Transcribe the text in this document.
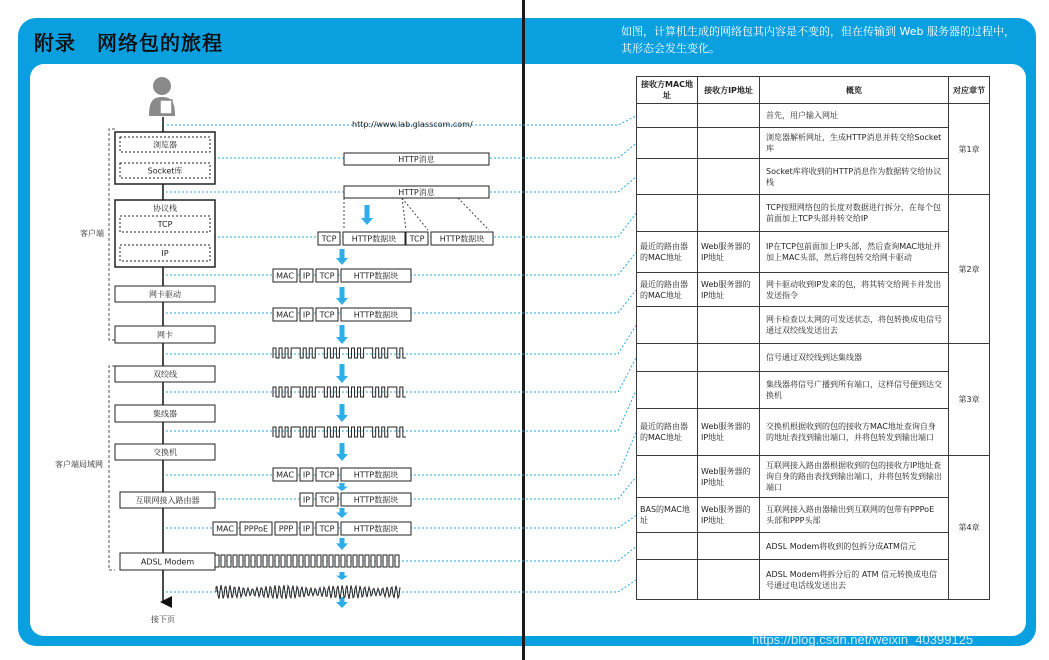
附录　网络包的旅程	如图，计算机生成的网络包其内容是不变的，但在传输到 Web 服务器的过程中，其形态会发生变化。
客户端
客户端局域网
浏览器
Socket库
协议栈
TCP
IP
网卡驱动
网卡
双绞线
集线器
交换机
互联网接入路由器
ADSL Modem
HTTP消息
HTTP消息
TCP HTTP数据块 TCP HTTP数据块
MAC IP TCP HTTP数据块
MAC IP TCP HTTP数据块
MAC IP TCP HTTP数据块
IP TCP HTTP数据块
MAC PPPoE PPP IP TCP HTTP数据块
http://www.lab.glasscom.com/
接下页
接收方MAC地址	接收方IP地址	概览	对应章节
		首先，用户输入网址	第1章
		浏览器解析网址，生成HTTP消息并转交给Socket库	
		Socket库将收到的HTTP消息作为数据转交给协议栈	
		TCP按照网络包的长度对数据进行拆分，在每个包前面加上TCP头部并转交给IP	第2章
最近的路由器的MAC地址	Web服务器的IP地址	IP在TCP包前面加上IP头部，然后查询MAC地址并加上MAC头部，然后将包转交给网卡驱动	
最近的路由器的MAC地址	Web服务器的IP地址	网卡驱动收到IP发来的包，将其转交给网卡并发出发送指令	
		网卡检查以太网的可发送状态，将包转换成电信号通过双绞线发送出去	
		信号通过双绞线到达集线器	第3章
		集线器将信号广播到所有端口，这样信号便到达交换机	
最近的路由器的MAC地址	Web服务器的IP地址	交换机根据收到的包的接收方MAC地址查询自身的地址表找到输出端口，并将包转发到输出端口	
	Web服务器的IP地址	互联网接入路由器根据收到的包的接收方IP地址查询自身的路由表找到输出端口，并将包转发到输出端口	第4章
BAS的MAC地址	Web服务器的IP地址	互联网接入路由器输出到互联网的包带有PPPoE头部和PPP头部	
		ADSL Modem将收到的包拆分成ATM信元	
		ADSL Modem将拆分后的 ATM 信元转换成电信号通过电话线发送出去	
https://blog.csdn.net/weixin_40399125
